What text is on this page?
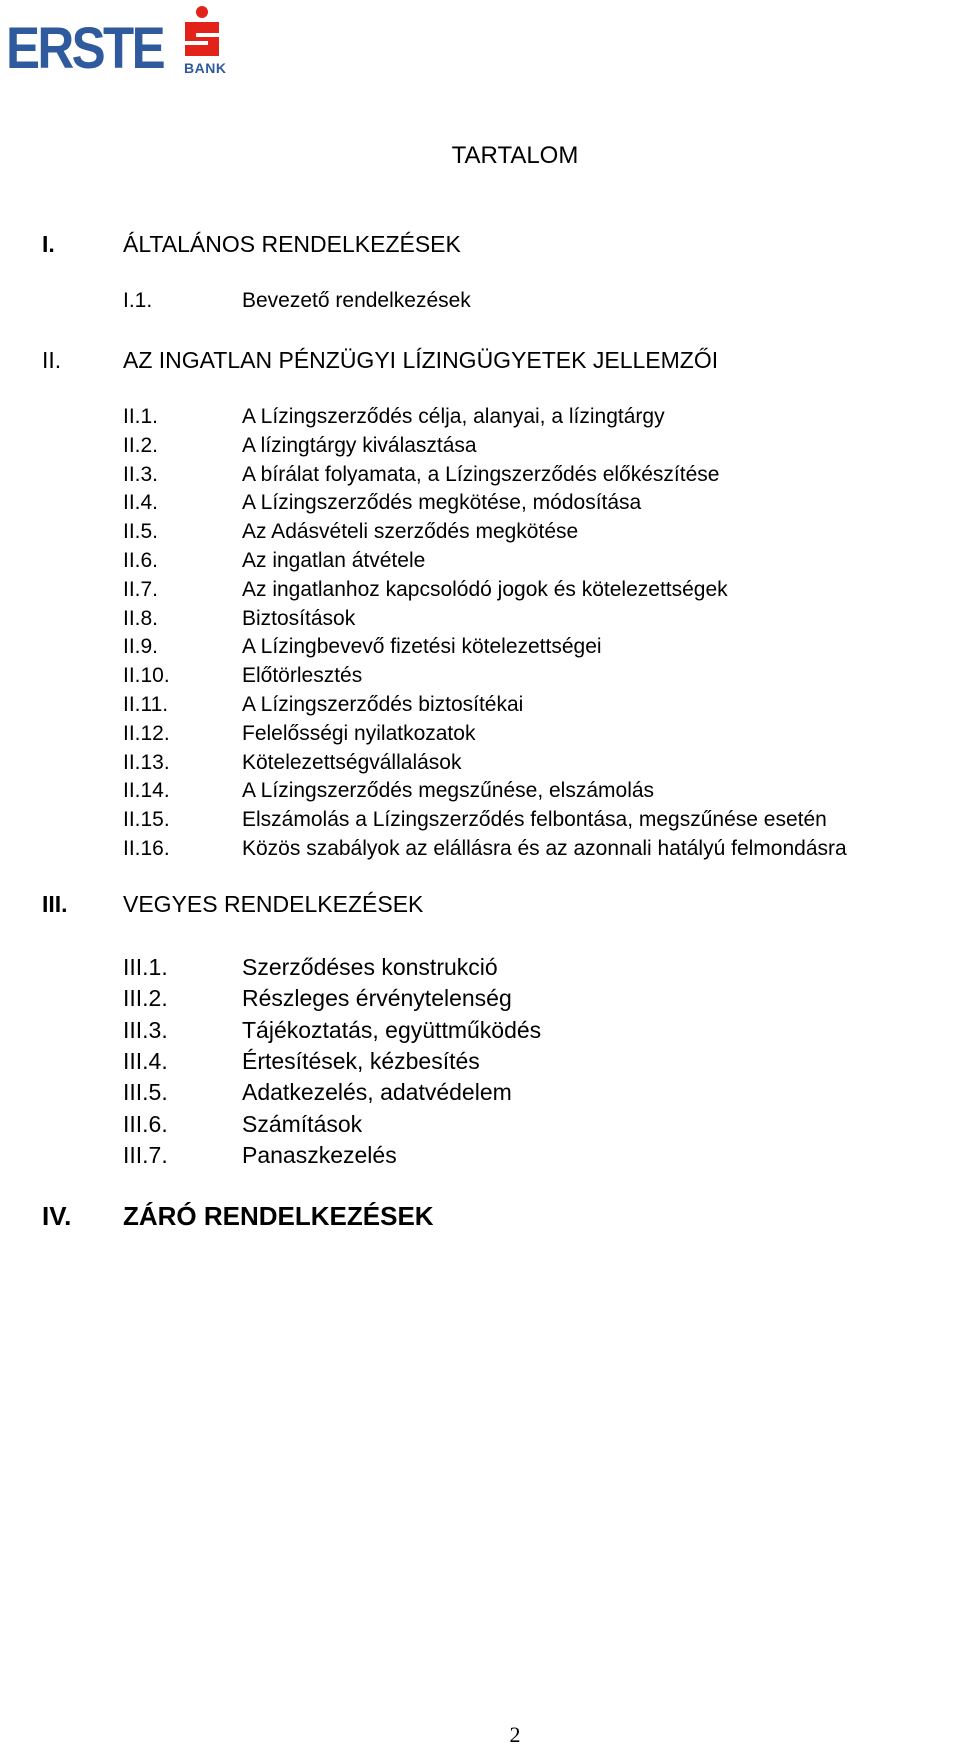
ERSTE BANK
TARTALOM
I.	ÁLTALÁNOS RENDELKEZÉSEK
I.1.	Bevezető rendelkezések
II.	AZ INGATLAN PÉNZÜGYI LÍZINGÜGYETEK JELLEMZŐI
II.1.	A Lízingszerződés célja, alanyai, a lízingtárgy
II.2.	A lízingtárgy kiválasztása
II.3.	A bírálat folyamata, a Lízingszerződés előkészítése
II.4.	A Lízingszerződés megkötése, módosítása
II.5.	Az Adásvételi szerződés megkötése
II.6.	Az ingatlan átvétele
II.7.	Az ingatlanhoz kapcsolódó jogok és kötelezettségek
II.8.	Biztosítások
II.9.	A Lízingbevevő fizetési kötelezettségei
II.10.	Előtörlesztés
II.11.	A Lízingszerződés biztosítékai
II.12.	Felelősségi nyilatkozatok
II.13.	Kötelezettségvállalások
II.14.	A Lízingszerződés megszűnése, elszámolás
II.15.	Elszámolás a Lízingszerződés felbontása, megszűnése esetén
II.16.	Közös szabályok az elállásra és az azonnali hatályú felmondásra
III. VEGYES RENDELKEZÉSEK
III.1.	Szerződéses konstrukció
III.2.	Részleges érvénytelenség
III.3.	Tájékoztatás, együttműködés
III.4.	Értesítések, kézbesítés
III.5.	Adatkezelés, adatvédelem
III.6.	Számítások
III.7.	Panaszkezelés
IV. ZÁRÓ RENDELKEZÉSEK
2
